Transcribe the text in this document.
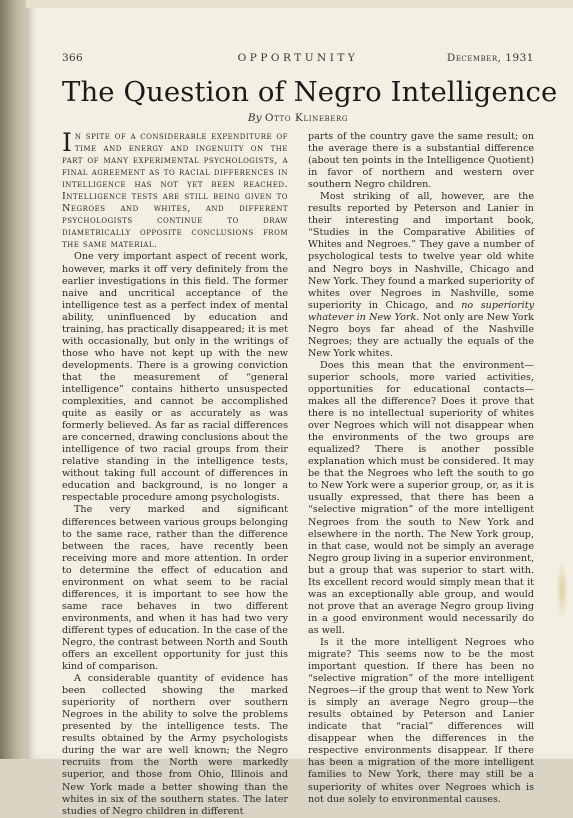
366	OPPORTUNITY	December, 1931
The Question of Negro Intelligence
By Otto Klineberg

In spite of a considerable expenditure of time and energy and ingenuity on the part of many experimental psychologists, a final agreement as to racial differences in intelligence has not yet been reached. Intelligence tests are still being given to Negroes and whites, and different psychologists continue to draw diametrically opposite conclusions from the same material.

One very important aspect of recent work, however, marks it off very definitely from the earlier investigations in this field. The former naive and uncritical acceptance of the intelligence test as a perfect index of mental ability, uninfluenced by education and training, has practically disappeared; it is met with occasionally, but only in the writings of those who have not kept up with the new developments. There is a growing conviction that the measurement of “general intelligence” contains hitherto unsuspected complexities, and cannot be accomplished quite as easily or as accurately as was formerly believed. As far as racial differences are concerned, drawing conclusions about the intelligence of two racial groups from their relative standing in the intelligence tests, without taking full account of differences in education and background, is no longer a respectable procedure among psychologists.

The very marked and significant differences between various groups belonging to the same race, rather than the difference between the races, have recently been receiving more and more attention. In order to determine the effect of education and environment on what seem to be racial differences, it is important to see how the same race behaves in two different environments, and when it has had two very different types of education. In the case of the Negro, the contrast between North and South offers an excellent opportunity for just this kind of comparison.

A considerable quantity of evidence has been collected showing the marked superiority of northern over southern Negroes in the ability to solve the problems presented by the intelligence tests. The results obtained by the Army psychologists during the war are well known; the Negro recruits from the North were markedly superior, and those from Ohio, Illinois and New York made a better showing than the whites in six of the southern states. The later studies of Negro children in different

parts of the country gave the same result; on the average there is a substantial difference (about ten points in the Intelligence Quotient) in favor of northern and western over southern Negro children.

Most striking of all, however, are the results reported by Peterson and Lanier in their interesting and important book, “Studies in the Comparative Abilities of Whites and Negroes.” They gave a number of psychological tests to twelve year old white and Negro boys in Nashville, Chicago and New York. They found a marked superiority of whites over Negroes in Nashville, some superiority in Chicago, and no superiority whatever in New York. Not only are New York Negro boys far ahead of the Nashville Negroes; they are actually the equals of the New York whites.

Does this mean that the environment—superior schools, more varied activities, opportunities for educational contacts—makes all the difference? Does it prove that there is no intellectual superiority of whites over Negroes which will not disappear when the environments of the two groups are equalized? There is another possible explanation which must be considered. It may be that the Negroes who left the south to go to New York were a superior group, or, as it is usually expressed, that there has been a “selective migration” of the more intelligent Negroes from the south to New York and elsewhere in the north. The New York group, in that case, would not be simply an average Negro group living in a superior environment, but a group that was superior to start with. Its excellent record would simply mean that it was an exceptionally able group, and would not prove that an average Negro group living in a good environment would necessarily do as well.

Is it the more intelligent Negroes who migrate? This seems now to be the most important question. If there has been no “selective migration” of the more intelligent Negroes—if the group that went to New York is simply an average Negro group—the results obtained by Peterson and Lanier indicate that “racial” differences will disappear when the differences in the respective environments disappear. If there has been a migration of the more intelligent families to New York, there may still be a superiority of whites over Negroes which is not due solely to environmental causes.
